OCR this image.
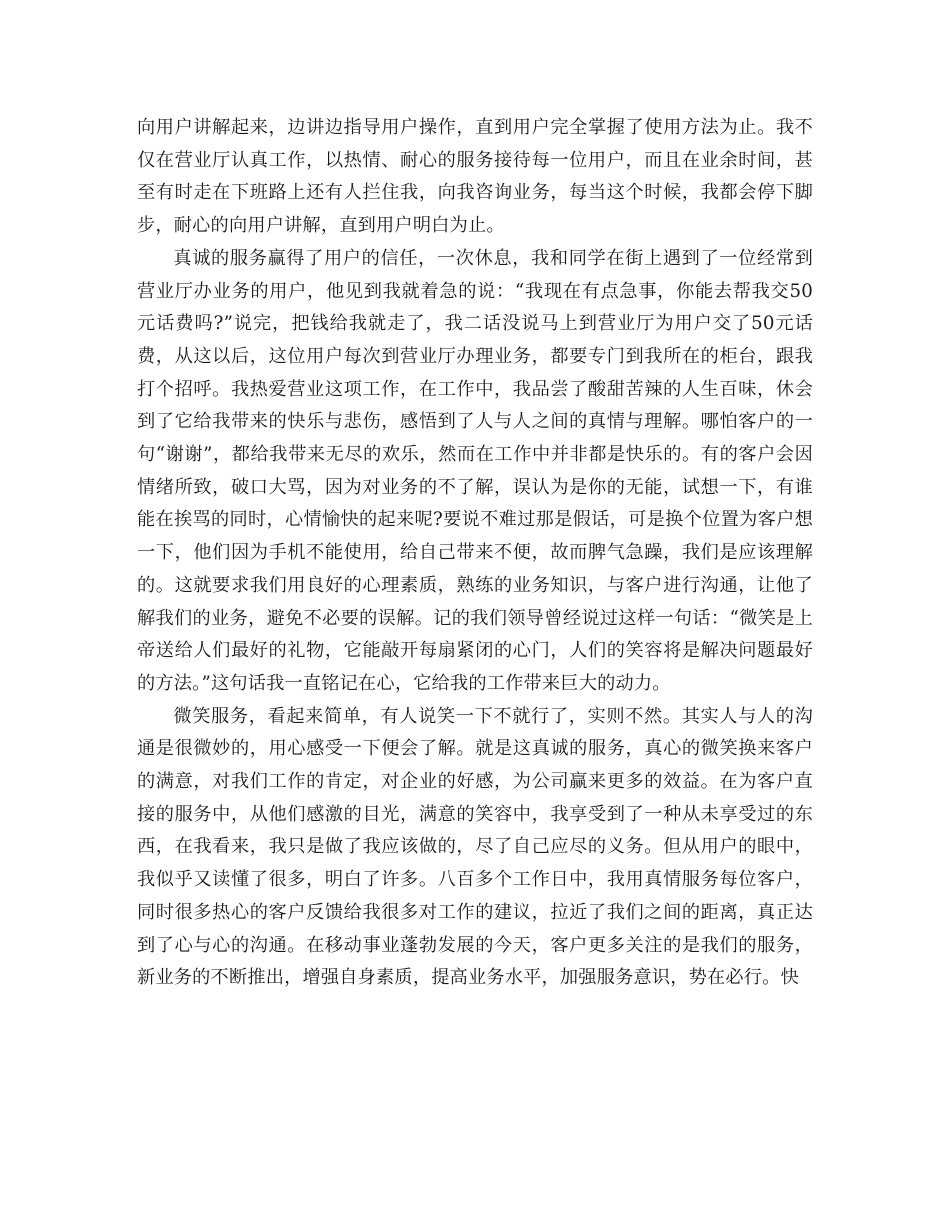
向用户讲解起来，边讲边指导用户操作，直到用户完全掌握了使用方法为止。我不仅在营业厅认真工作，以热情、耐心的服务接待每一位用户，而且在业余时间，甚至有时走在下班路上还有人拦住我，向我咨询业务，每当这个时候，我都会停下脚步，耐心的向用户讲解，直到用户明白为止。

真诚的服务赢得了用户的信任，一次休息，我和同学在街上遇到了一位经常到营业厅办业务的用户，他见到我就着急的说：“我现在有点急事，你能去帮我交50元话费吗?”说完，把钱给我就走了，我二话没说马上到营业厅为用户交了50元话费，从这以后，这位用户每次到营业厅办理业务，都要专门到我所在的柜台，跟我打个招呼。我热爱营业这项工作，在工作中，我品尝了酸甜苦辣的人生百味，休会到了它给我带来的快乐与悲伤，感悟到了人与人之间的真情与理解。哪怕客户的一句“谢谢”，都给我带来无尽的欢乐，然而在工作中并非都是快乐的。有的客户会因情绪所致，破口大骂，因为对业务的不了解，误认为是你的无能，试想一下，有谁能在挨骂的同时，心情愉快的起来呢?要说不难过那是假话，可是换个位置为客户想一下，他们因为手机不能使用，给自己带来不便，故而脾气急躁，我们是应该理解的。这就要求我们用良好的心理素质，熟练的业务知识，与客户进行沟通，让他了解我们的业务，避免不必要的误解。记的我们领导曾经说过这样一句话：“微笑是上帝送给人们最好的礼物，它能敲开每扇紧闭的心门，人们的笑容将是解决问题最好的方法。”这句话我一直铭记在心，它给我的工作带来巨大的动力。

微笑服务，看起来简单，有人说笑一下不就行了，实则不然。其实人与人的沟通是很微妙的，用心感受一下便会了解。就是这真诚的服务，真心的微笑换来客户的满意，对我们工作的肯定，对企业的好感，为公司赢来更多的效益。在为客户直接的服务中，从他们感激的目光，满意的笑容中，我享受到了一种从未享受过的东西，在我看来，我只是做了我应该做的，尽了自己应尽的义务。但从用户的眼中，我似乎又读懂了很多，明白了许多。八百多个工作日中，我用真情服务每位客户，同时很多热心的客户反馈给我很多对工作的建议，拉近了我们之间的距离，真正达到了心与心的沟通。在移动事业蓬勃发展的今天，客户更多关注的是我们的服务，新业务的不断推出，增强自身素质，提高业务水平，加强服务意识，势在必行。快
